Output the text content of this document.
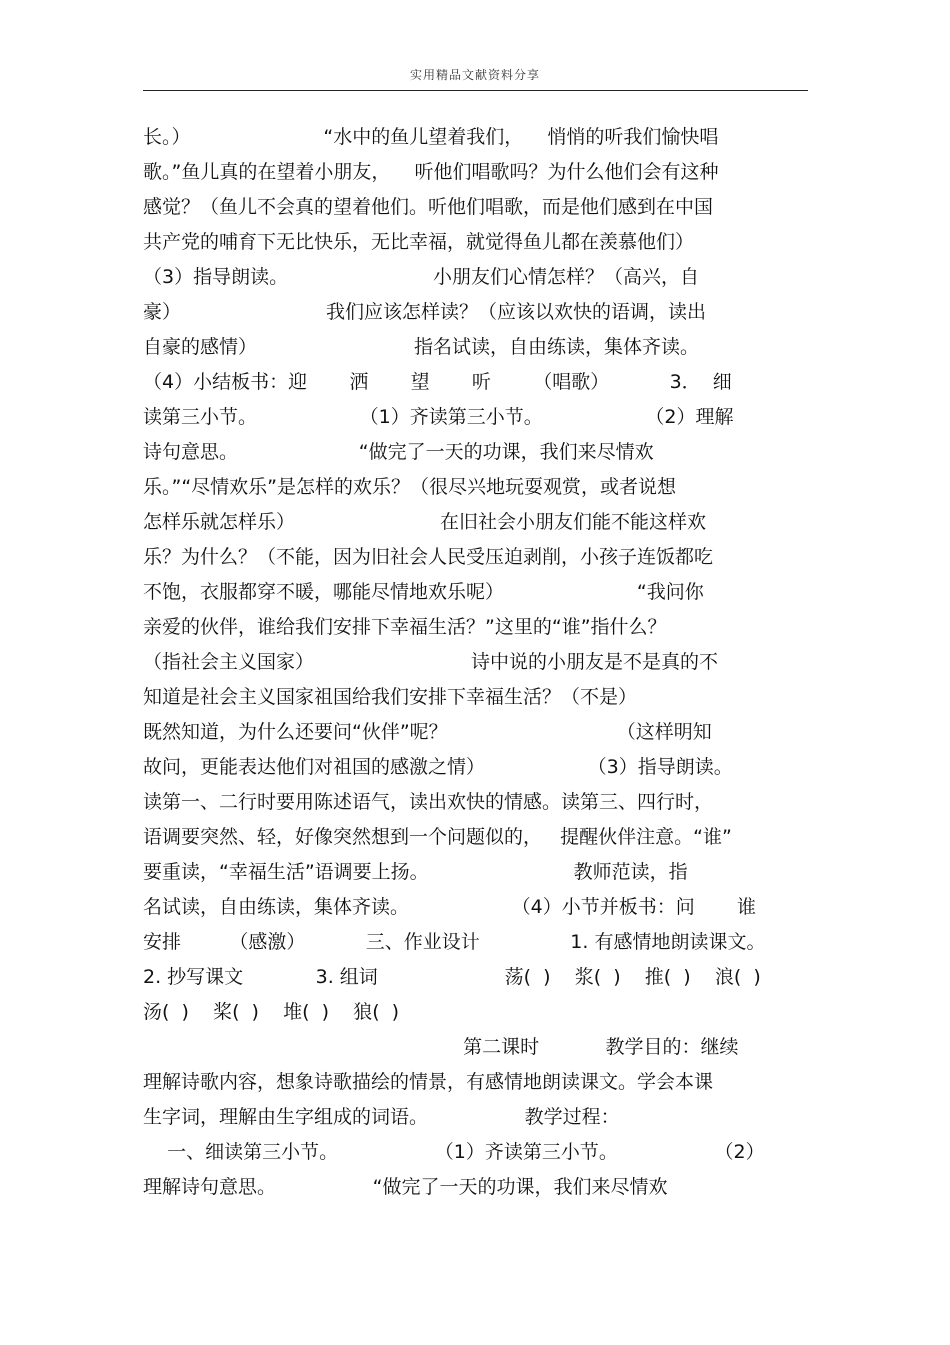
实用精品文献资料分享
长。）                      “水中的鱼儿望着我们，    悄悄的听我们愉快唱
歌。”鱼儿真的在望着小朋友，    听他们唱歌吗？为什么他们会有这种
感觉？（鱼儿不会真的望着他们。听他们唱歌，而是他们感到在中国
共产党的哺育下无比快乐，无比幸福，就觉得鱼儿都在羡慕他们）
（3）指导朗读。                        小朋友们心情怎样？（高兴，自
豪）                        我们应该怎样读？（应该以欢快的语调，读出
自豪的感情）                          指名试读，自由练读，集体齐读。
（4）小结板书：迎       洒       望       听       （唱歌）          3．  细
读第三小节。                 （1）齐读第三小节。                 （2）理解
诗句意思。                    “做完了一天的功课，我们来尽情欢
乐。”“尽情欢乐”是怎样的欢乐？（很尽兴地玩耍观赏，或者说想
怎样乐就怎样乐）                        在旧社会小朋友们能不能这样欢
乐？为什么？（不能，因为旧社会人民受压迫剥削，小孩子连饭都吃
不饱，衣服都穿不暖，哪能尽情地欢乐呢）                      “我问你
亲爱的伙伴，谁给我们安排下幸福生活？”这里的“谁”指什么？
（指社会主义国家）                          诗中说的小朋友是不是真的不
知道是社会主义国家祖国给我们安排下幸福生活？（不是）
既然知道，为什么还要问“伙伴”呢？                            （这样明知
故问，更能表达他们对祖国的感激之情）                 （3）指导朗读。
读第一、二行时要用陈述语气，读出欢快的情感。读第三、四行时，
语调要突然、轻，好像突然想到一个问题似的，   提醒伙伴注意。“谁”
要重读，“幸福生活”语调要上扬。                        教师范读，指
名试读，自由练读，集体齐读。                 （4）小节并板书：问       谁
安排        （感激）          三、作业设计               1. 有感情地朗读课文。
2. 抄写课文            3. 组词                     荡(  )    浆(  )    推(  )    浪(  )
汤(  )    桨(  )    堆(  )    狼(  )
第二课时           教学目的：继续
理解诗歌内容，想象诗歌描绘的情景，有感情地朗读课文。学会本课
生字词，理解由生字组成的词语。                教学过程：
一、细读第三小节。                （1）齐读第三小节。                （2）
理解诗句意思。                “做完了一天的功课，我们来尽情欢
